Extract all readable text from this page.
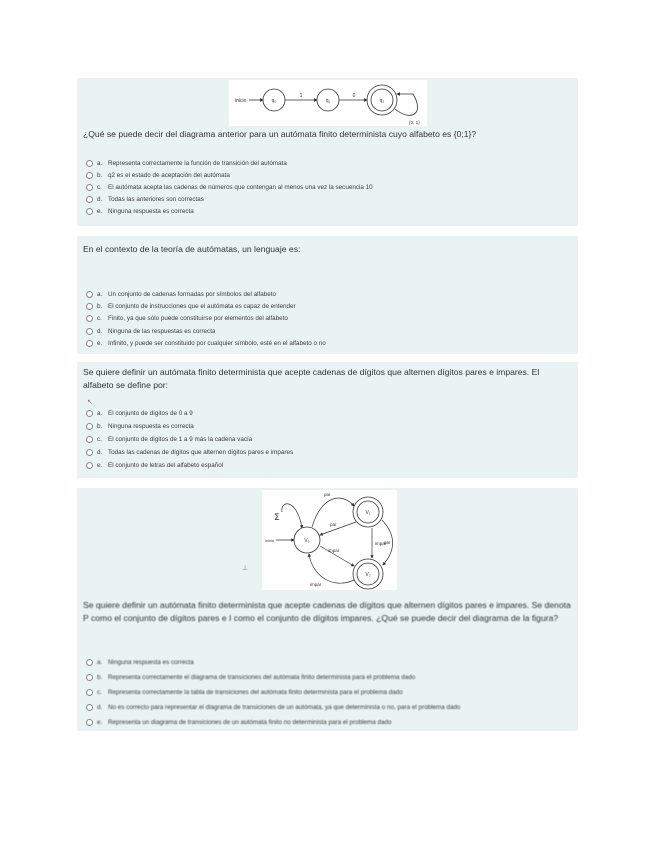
inicio	q₀
1
q₁
0
q₂
{0, 1}
¿Qué se puede decir del diagrama anterior para un autómata finito determinista cuyo alfabeto es {0;1}?
a. Representa correctamente la función de transición del autómata
b. q2 es el estado de aceptación del autómata
c. El autómata acepta las cadenas de números que contengan al menos una vez la secuencia 10
d. Todas las anteriores son correctas
e. Ninguna respuesta es correcta
En el contexto de la teoría de autómatas, un lenguaje es:
a. Un conjunto de cadenas formadas por símbolos del alfabeto
b. El conjunto de instrucciones que el autómata es capaz de entender
c. Finito, ya que sólo puede constituirse por elementos del alfabeto
d. Ninguna de las respuestas es correcta
e. Infinito, y puede ser constituido por cualquier símbolo, esté en el alfabeto o no
Se quiere definir un autómata finito determinista que acepte cadenas de dígitos que alternen dígitos pares e impares. El alfabeto se define por:
↖
a. El conjunto de dígitos de 0 a 9
b. Ninguna respuesta es correcta
c. El conjunto de dígitos de 1 a 9 más la cadena vacía
d. Todas las cadenas de dígitos que alternen dígitos pares e impares
e. El conjunto de letras del alfabeto español
Σ
inicio	V₀
V₁
V₂
par
par
impar
impar
impar
par
⊥
Se quiere definir un autómata finito determinista que acepte cadenas de dígitos que alternen dígitos pares e impares. Se denota P como el conjunto de dígitos pares e I como el conjunto de dígitos impares. ¿Qué se puede decir del diagrama de la figura?
a. Ninguna respuesta es correcta
b. Representa correctamente el diagrama de transiciones del autómata finito determinista para el problema dado
c. Representa correctamente la tabla de transiciones del autómata finito determinista para el problema dado
d. No es correcto para representar el diagrama de transiciones de un autómata, ya que determinista o no, para el problema dado
e. Representa un diagrama de transiciones de un autómata finito no determinista para el problema dado
